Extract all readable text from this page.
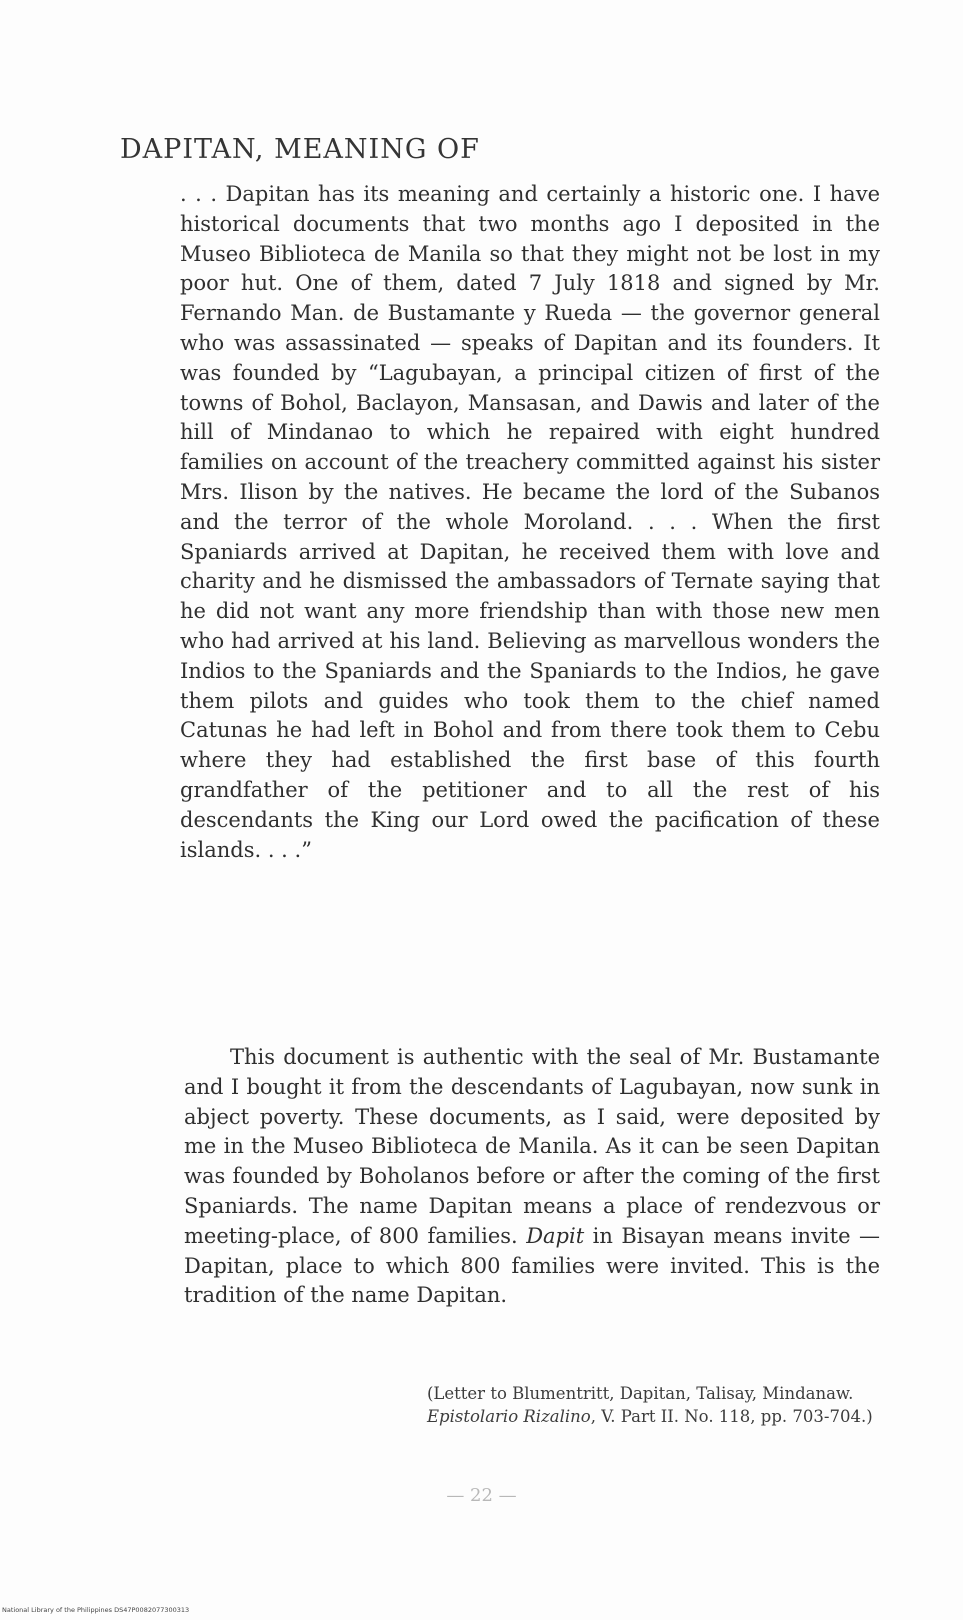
DAPITAN, MEANING OF

. . . Dapitan has its meaning and certainly a historic one. I have historical documents that two months ago I deposited in the Museo Biblioteca de Manila so that they might not be lost in my poor hut. One of them, dated 7 July 1818 and signed by Mr. Fernando Man. de Bustamante y Rueda — the governor general who was assassinated — speaks of Dapitan and its founders. It was founded by “Lagubayan, a principal citizen of first of the towns of Bohol, Baclayon, Mansasan, and Dawis and later of the hill of Mindanao to which he repaired with eight hundred families on account of the treachery committed against his sister Mrs. Ilison by the natives. He became the lord of the Subanos and the terror of the whole Moroland. . . . When the first Spaniards arrived at Dapitan, he received them with love and charity and he dismissed the ambassadors of Ternate saying that he did not want any more friendship than with those new men who had arrived at his land. Believing as marvellous wonders the Indios to the Spaniards and the Spaniards to the Indios, he gave them pilots and guides who took them to the chief named Catunas he had left in Bohol and from there took them to Cebu where they had established the first base of this fourth grandfather of the petitioner and to all the rest of his descendants the King our Lord owed the pacification of these islands. . . .”

This document is authentic with the seal of Mr. Bustamante and I bought it from the descendants of Lagubayan, now sunk in abject poverty. These documents, as I said, were deposited by me in the Museo Biblioteca de Manila. As it can be seen Dapitan was founded by Boholanos before or after the coming of the first Spaniards. The name Dapitan means a place of rendezvous or meeting-place, of 800 families. Dapit in Bisayan means invite — Dapitan, place to which 800 families were invited. This is the tradition of the name Dapitan.

(Letter to Blumentritt, Dapitan, Talisay, Mindanaw. Epistolario Rizalino, V. Part II. No. 118, pp. 703-704.)

— 22 —

National Library of the Philippines DS47P0082077300313
